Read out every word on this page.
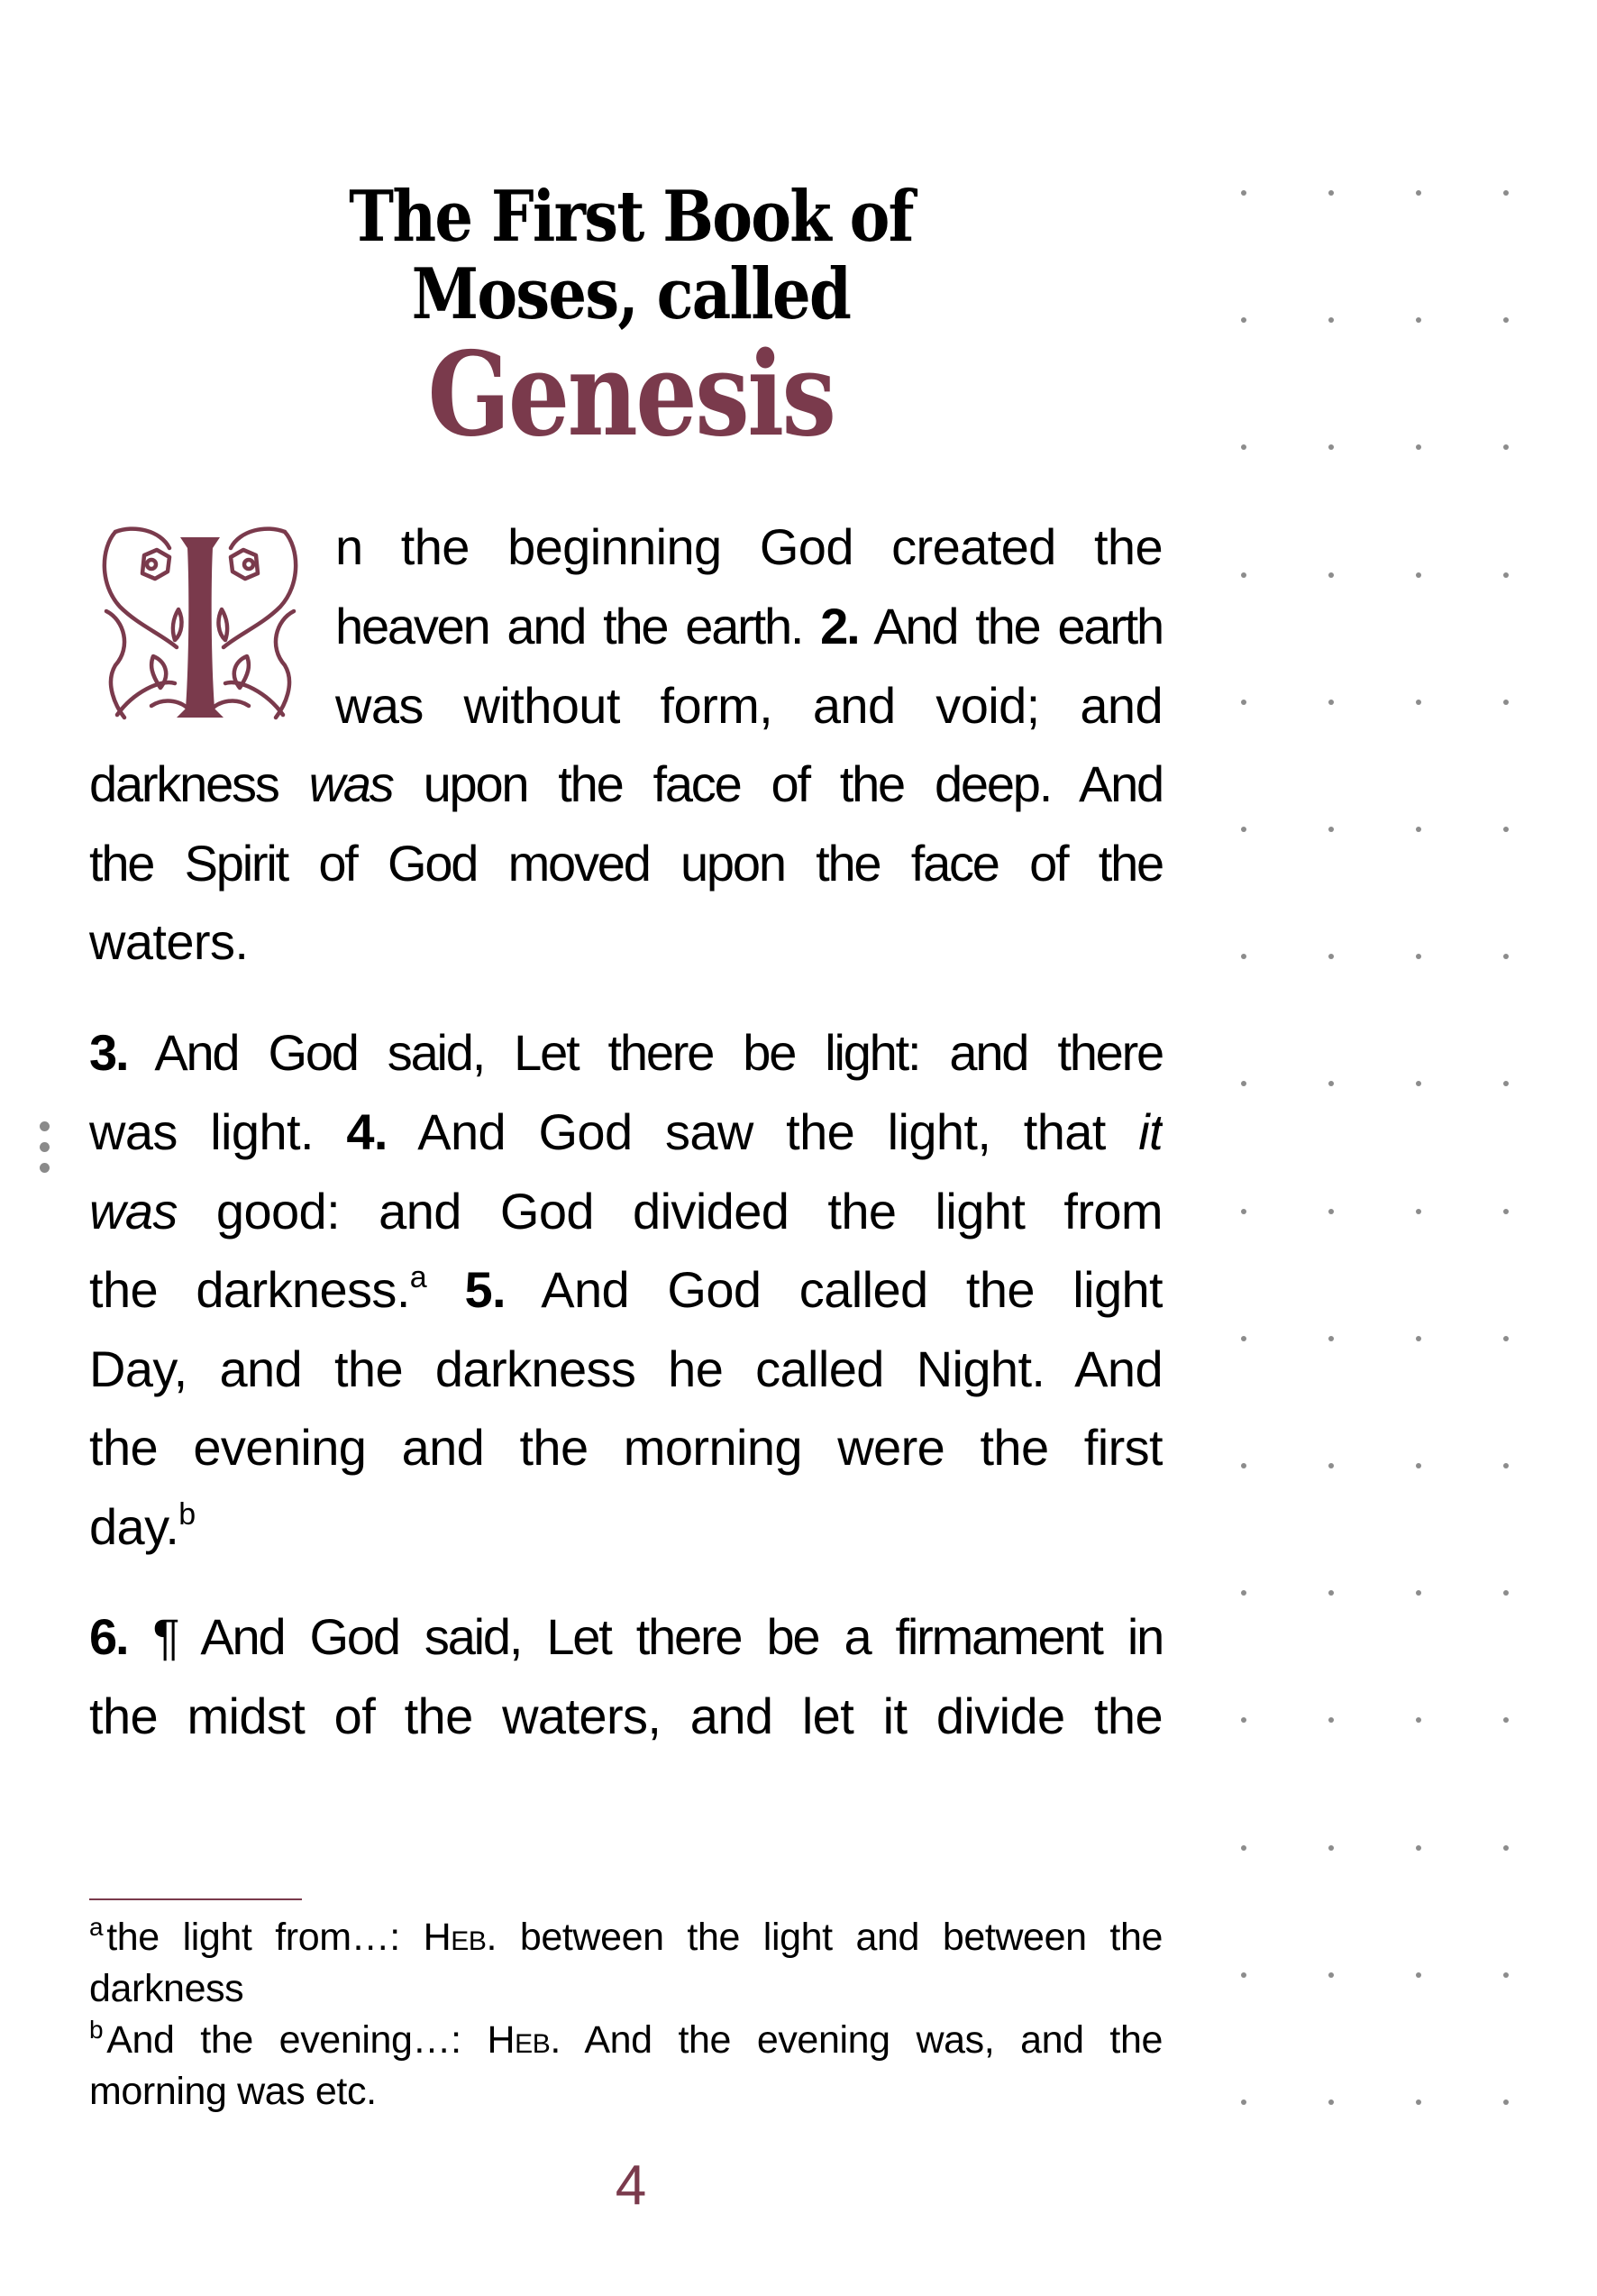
The First Book of
Moses, called
Genesis
n the beginning God created the
heaven and the earth. 2. And the earth
was without form, and void; and
darkness was upon the face of the deep. And
the Spirit of God moved upon the face of the
waters.
3. And God said, Let there be light: and there
was light. 4. And God saw the light, that it
was good: and God divided the light from
the darkness.$^a$ 5. And God called the light
Day, and the darkness he called Night. And
the evening and the morning were the first
day.$^b$
6. ¶ And God said, Let there be a firmament in
the midst of the waters, and let it divide the
$^a$the light from…: Heb. between the light and between the
darkness
$^b$And the evening…: Heb. And the evening was, and the
morning was etc.
4
